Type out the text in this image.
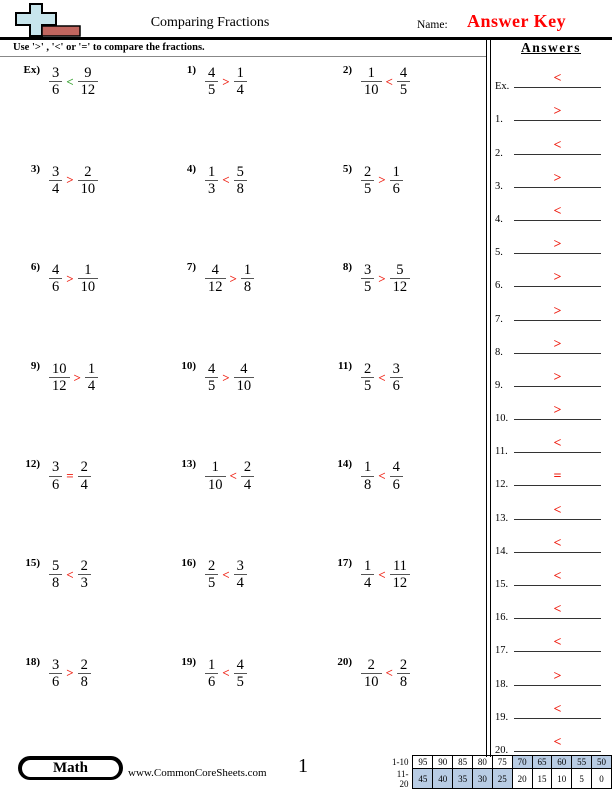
Comparing Fractions	Name: Answer Key
Use '>' , '<' or '=' to compare the fractions.
$Ex) \frac{3}{6} < \frac{9}{12}$	$1) \frac{4}{5} > \frac{1}{4}$	$2) \frac{1}{10} < \frac{4}{5}$
$3) \frac{3}{4} > \frac{2}{10}$	$4) \frac{1}{3} < \frac{5}{8}$	$5) \frac{2}{5} > \frac{1}{6}$
$6) \frac{4}{6} > \frac{1}{10}$	$7) \frac{4}{12} > \frac{1}{8}$	$8) \frac{3}{5} > \frac{5}{12}$
$9) \frac{10}{12} > \frac{1}{4}$	$10) \frac{4}{5} > \frac{4}{10}$	$11) \frac{2}{5} < \frac{3}{6}$
$12) \frac{3}{6} = \frac{2}{4}$	$13) \frac{1}{10} < \frac{2}{4}$	$14) \frac{1}{8} < \frac{4}{6}$
$15) \frac{5}{8} < \frac{2}{3}$	$16) \frac{2}{5} < \frac{3}{4}$	$17) \frac{1}{4} < \frac{11}{12}$
$18) \frac{3}{6} > \frac{2}{8}$	$19) \frac{1}{6} < \frac{4}{5}$	$20) \frac{2}{10} < \frac{2}{8}$
Answers
Ex.
<
1.
>
2.
<
3.
>
4.
<
5.
>
6.
>
7.
>
8.
>
9.
>
10.
>
11.
<
12.
=
13.
<
14.
<
15.
<
16.
<
17.
<
18.
>
19.
<
20.
<
Math	www.CommonCoreSheets.com 1	1-10	95	90	85	80	75	70	65	60	55	50
11-20	45	40	35	30	25	20	15	10	5	0
